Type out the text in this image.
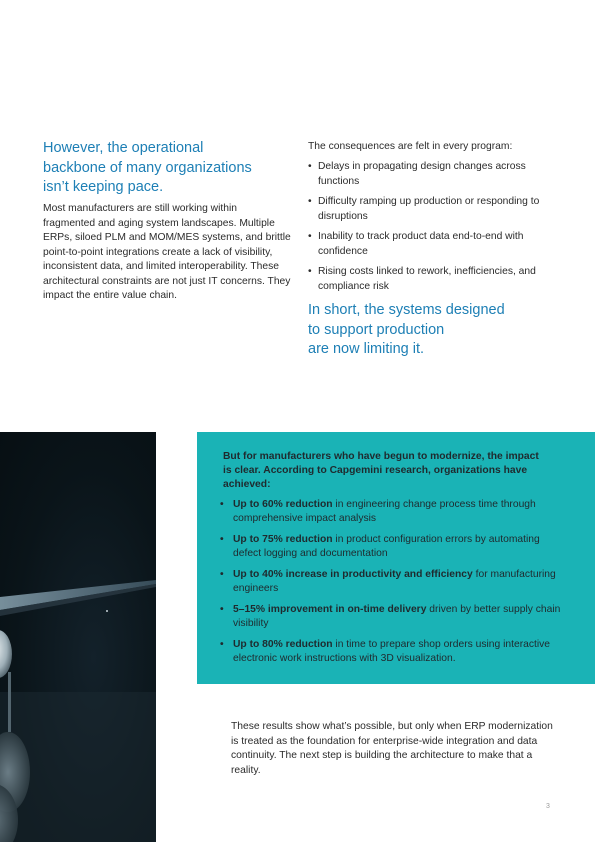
However, the operational
backbone of many organizations
isn’t keeping pace.
Most manufacturers are still working within fragmented and aging system landscapes. Multiple ERPs, siloed PLM and MOM/MES systems, and brittle point-to-point integrations create a lack of visibility, inconsistent data, and limited interoperability. These architectural constraints are not just IT concerns. They impact the entire value chain.
The consequences are felt in every program:
• Delays in propagating design changes across functions
• Difficulty ramping up production or responding to disruptions
• Inability to track product data end-to-end with confidence
• Rising costs linked to rework, inefficiencies, and compliance risk
In short, the systems designed
to support production
are now limiting it.
But for manufacturers who have begun to modernize, the impact is clear. According to Capgemini research, organizations have achieved:
• Up to 60% reduction in engineering change process time through comprehensive impact analysis
• Up to 75% reduction in product configuration errors by automating defect logging and documentation
• Up to 40% increase in productivity and efficiency for manufacturing engineers
• 5–15% improvement in on-time delivery driven by better supply chain visibility
• Up to 80% reduction in time to prepare shop orders using interactive electronic work instructions with 3D visualization.
These results show what’s possible, but only when ERP modernization is treated as the foundation for enterprise-wide integration and data continuity. The next step is building the architecture to make that a reality.
3
